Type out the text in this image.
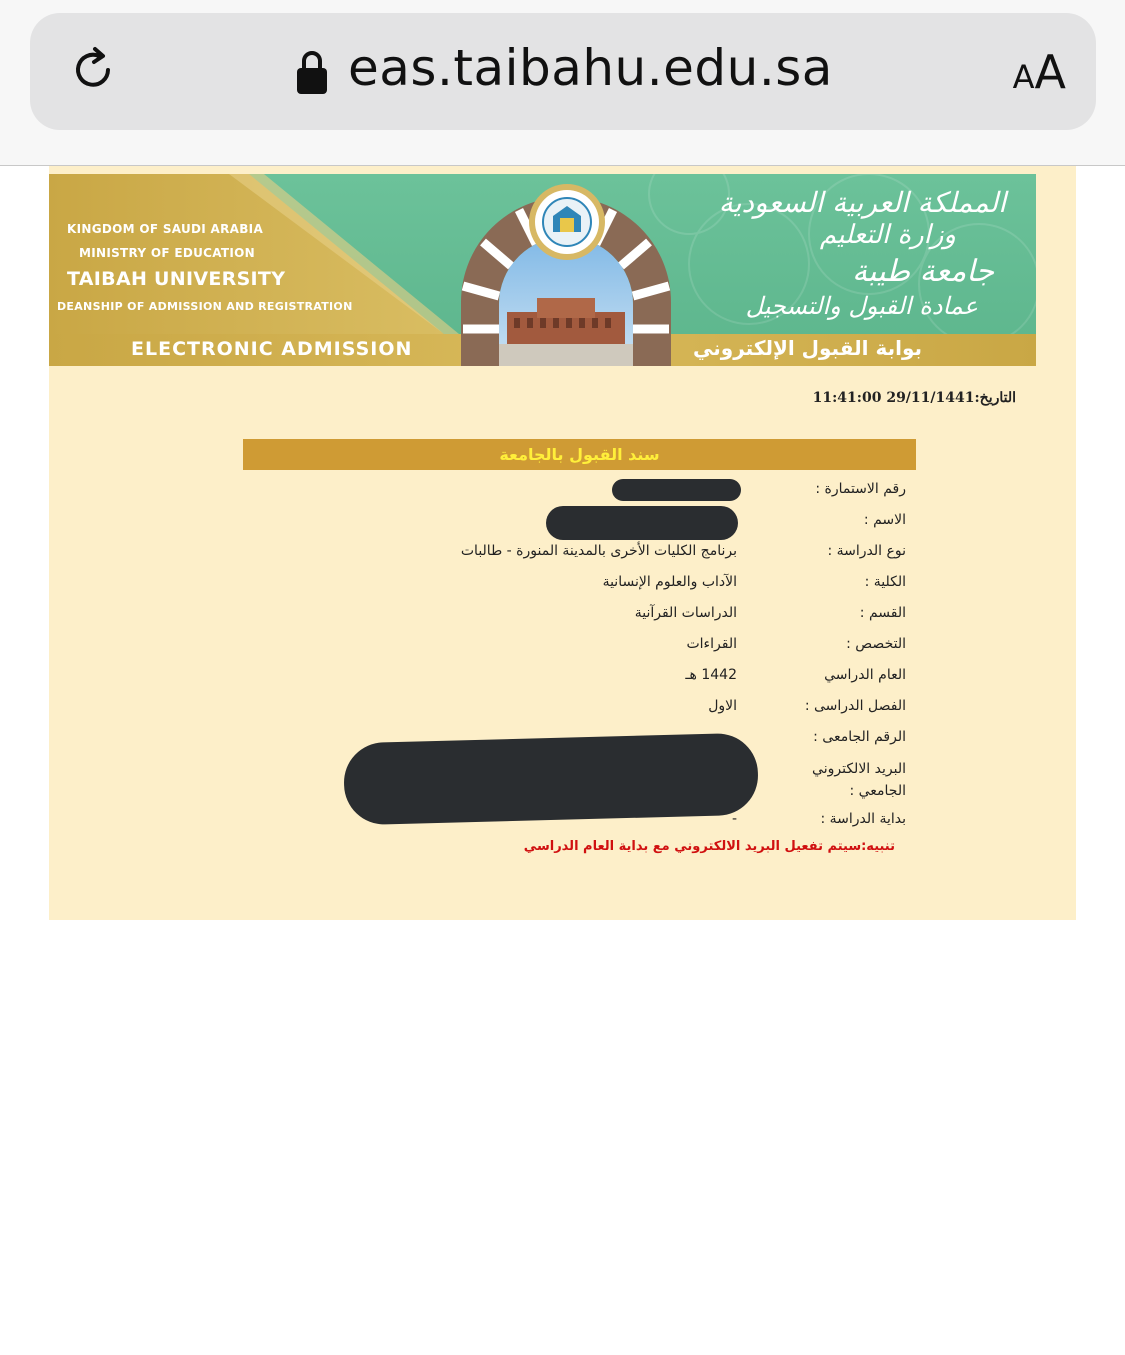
eas.taibahu.edu.sa	AA
KINGDOM OF SAUDI ARABIA
MINISTRY OF EDUCATION
TAIBAH UNIVERSITY
DEANSHIP OF ADMISSION AND REGISTRATION
ELECTRONIC ADMISSION
المملكة العربية السعودية
وزارة التعليم
جامعة طيبة
عمادة القبول والتسجيل
بوابة القبول الإلكتروني
التاريخ:29/11/1441 11:41:00
سند القبول بالجامعة
رقم الاستمارة :
الاسم :
نوع الدراسة :
برنامج الكليات الأخرى بالمدينة المنورة - طالبات
الكلية :
الآداب والعلوم الإنسانية
القسم :
الدراسات القرآنية
التخصص :
القراءات
العام الدراسي
1442 هـ
الفصل الدراسى :
الاول
الرقم الجامعى :
البريد الالكتروني الجامعي :
بداية الدراسة :
-
تنبيه:سيتم تفعيل البريد الالكتروني مع بداية العام الدراسي
